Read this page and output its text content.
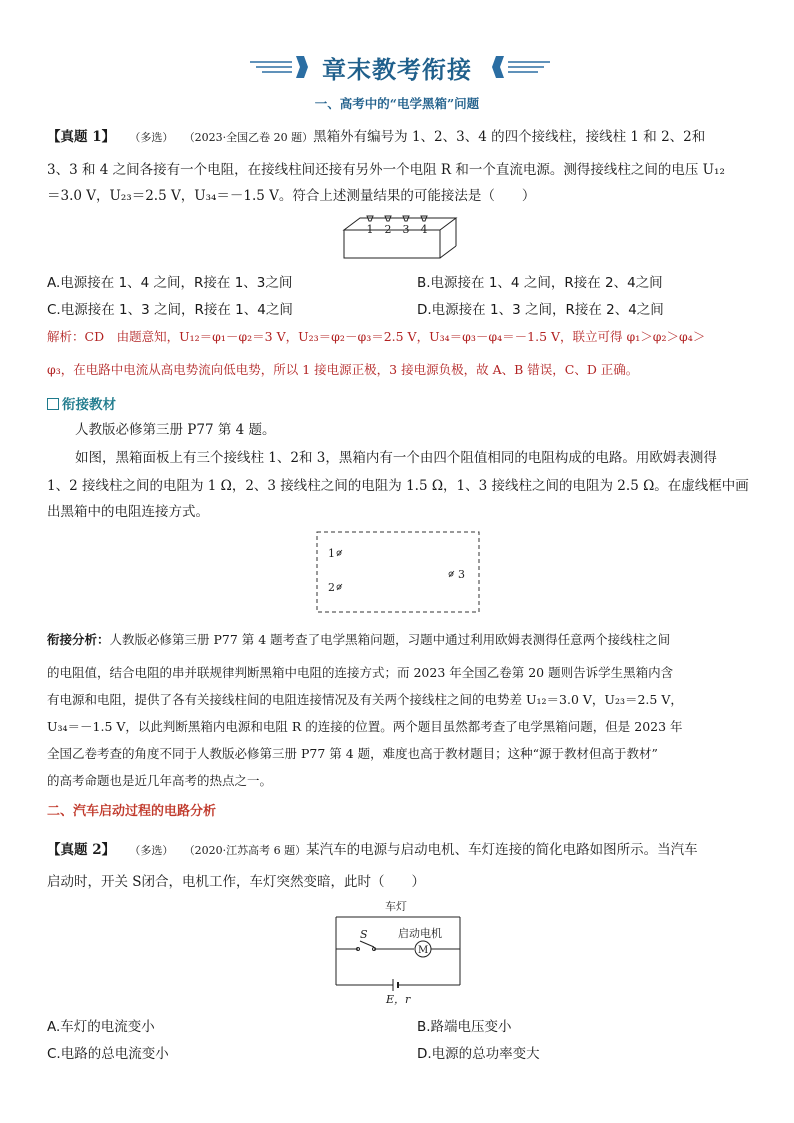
章末教考衔接
一、高考中的“电学黑箱”问题
【真题 1】 （多选） （2023·全国乙卷 20 题）黑箱外有编号为 1、2、3、4 的四个接线柱，接线柱 1 和 2、2和
3、3 和 4 之间各接有一个电阻，在接线柱间还接有另外一个电阻 R 和一个直流电源。测得接线柱之间的电压 U₁₂
＝3.0 V，U₂₃＝2.5 V，U₃₄＝－1.5 V。符合上述测量结果的可能接法是（　　）
1 2 3 4
A.电源接在 1、4 之间，R接在 1、3之间	B.电源接在 1、4 之间，R接在 2、4之间
C.电源接在 1、3 之间，R接在 1、4之间	D.电源接在 1、3 之间，R接在 2、4之间
解析：CD　由题意知，U₁₂＝φ₁－φ₂＝3 V，U₂₃＝φ₂－φ₃＝2.5 V，U₃₄＝φ₃－φ₄＝－1.5 V，联立可得 φ₁＞φ₂＞φ₄＞
φ₃，在电路中电流从高电势流向低电势，所以 1 接电源正极，3 接电源负极，故 A、B 错误，C、D 正确。
衔接教材
人教版必修第三册 P77 第 4 题。
如图，黑箱面板上有三个接线柱 1、2和 3，黑箱内有一个由四个阻值相同的电阻构成的电路。用欧姆表测得
1、2 接线柱之间的电阻为 1 Ω，2、3 接线柱之间的电阻为 1.5 Ω，1、3 接线柱之间的电阻为 2.5 Ω。在虚线框中画
出黑箱中的电阻连接方式。
1
2
3
衔接分析：人教版必修第三册 P77 第 4 题考查了电学黑箱问题，习题中通过利用欧姆表测得任意两个接线柱之间
的电阻值，结合电阻的串并联规律判断黑箱中电阻的连接方式；而 2023 年全国乙卷第 20 题则告诉学生黑箱内含
有电源和电阻，提供了各有关接线柱间的电阻连接情况及有关两个接线柱之间的电势差 U₁₂＝3.0 V，U₂₃＝2.5 V，
U₃₄＝－1.5 V，以此判断黑箱内电源和电阻 R 的连接的位置。两个题目虽然都考查了电学黑箱问题，但是 2023 年
全国乙卷考查的角度不同于人教版必修第三册 P77 第 4 题，难度也高于教材题目；这种“源于教材但高于教材”
的高考命题也是近几年高考的热点之一。
二、汽车启动过程的电路分析
【真题 2】 （多选） （2020·江苏高考 6 题）某汽车的电源与启动电机、车灯连接的简化电路如图所示。当汽车
启动时，开关 S闭合，电机工作，车灯突然变暗，此时（　　）
车灯
S	启动电机
M
E，r
A.车灯的电流变小	B.路端电压变小
C.电路的总电流变小	D.电源的总功率变大
